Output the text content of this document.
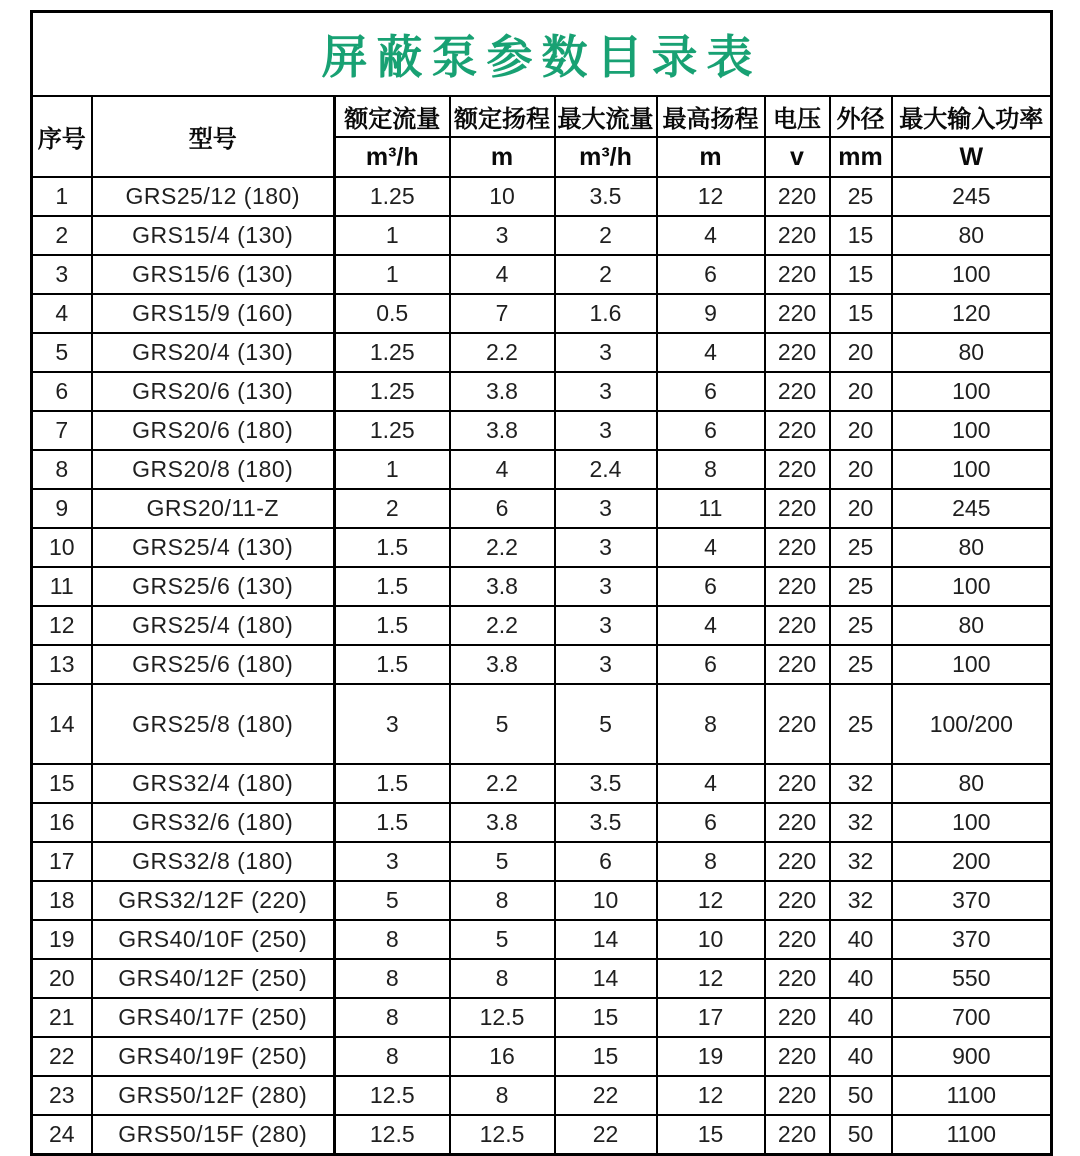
屏蔽泵参数目录表								
序号	型号	额定流量	额定扬程	最大流量	最高扬程	电压	外径	最大输入功率
		m³/h	m	m³/h	m	v	mm	W
1	GRS25/12 (180)	1.25	10	3.5	12	220	25	245
2	GRS15/4 (130)	1	3	2	4	220	15	80
3	GRS15/6 (130)	1	4	2	6	220	15	100
4	GRS15/9 (160)	0.5	7	1.6	9	220	15	120
5	GRS20/4 (130)	1.25	2.2	3	4	220	20	80
6	GRS20/6 (130)	1.25	3.8	3	6	220	20	100
7	GRS20/6 (180)	1.25	3.8	3	6	220	20	100
8	GRS20/8 (180)	1	4	2.4	8	220	20	100
9	GRS20/11-Z	2	6	3	11	220	20	245
10	GRS25/4 (130)	1.5	2.2	3	4	220	25	80
11	GRS25/6 (130)	1.5	3.8	3	6	220	25	100
12	GRS25/4 (180)	1.5	2.2	3	4	220	25	80
13	GRS25/6 (180)	1.5	3.8	3	6	220	25	100
14	GRS25/8 (180)	3	5	5	8	220	25	100/200
15	GRS32/4 (180)	1.5	2.2	3.5	4	220	32	80
16	GRS32/6 (180)	1.5	3.8	3.5	6	220	32	100
17	GRS32/8 (180)	3	5	6	8	220	32	200
18	GRS32/12F (220)	5	8	10	12	220	32	370
19	GRS40/10F (250)	8	5	14	10	220	40	370
20	GRS40/12F (250)	8	8	14	12	220	40	550
21	GRS40/17F (250)	8	12.5	15	17	220	40	700
22	GRS40/19F (250)	8	16	15	19	220	40	900
23	GRS50/12F (280)	12.5	8	22	12	220	50	1100
24	GRS50/15F (280)	12.5	12.5	22	15	220	50	1100
